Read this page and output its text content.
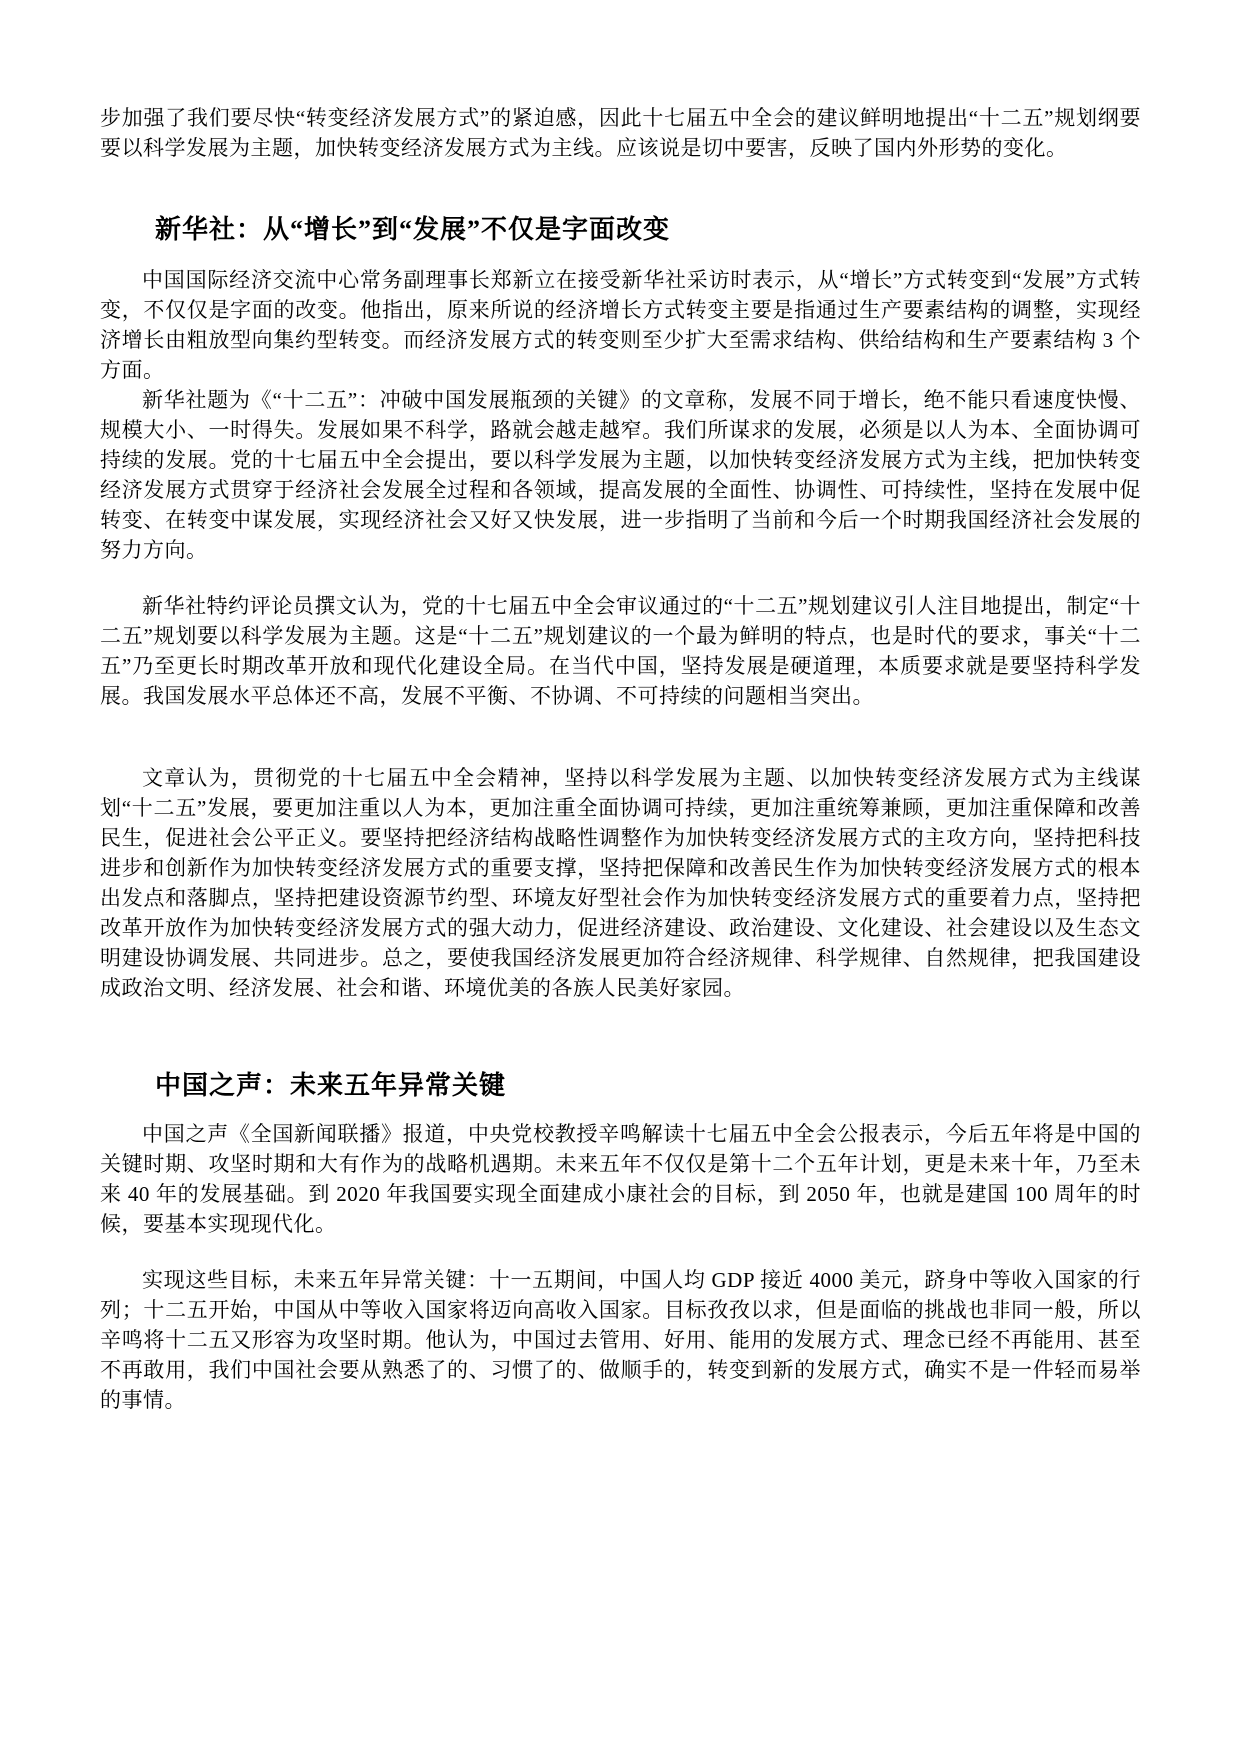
步加强了我们要尽快“转变经济发展方式”的紧迫感，因此十七届五中全会的建议鲜明地提出“十二五”规划纲要要以科学发展为主题，加快转变经济发展方式为主线。应该说是切中要害，反映了国内外形势的变化。

新华社：从“增长”到“发展”不仅是字面改变

中国国际经济交流中心常务副理事长郑新立在接受新华社采访时表示，从“增长”方式转变到“发展”方式转变，不仅仅是字面的改变。他指出，原来所说的经济增长方式转变主要是指通过生产要素结构的调整，实现经济增长由粗放型向集约型转变。而经济发展方式的转变则至少扩大至需求结构、供给结构和生产要素结构 3 个方面。

新华社题为《“十二五”：冲破中国发展瓶颈的关键》的文章称，发展不同于增长，绝不能只看速度快慢、规模大小、一时得失。发展如果不科学，路就会越走越窄。我们所谋求的发展，必须是以人为本、全面协调可持续的发展。党的十七届五中全会提出，要以科学发展为主题，以加快转变经济发展方式为主线，把加快转变经济发展方式贯穿于经济社会发展全过程和各领域，提高发展的全面性、协调性、可持续性，坚持在发展中促转变、在转变中谋发展，实现经济社会又好又快发展，进一步指明了当前和今后一个时期我国经济社会发展的努力方向。

新华社特约评论员撰文认为，党的十七届五中全会审议通过的“十二五”规划建议引人注目地提出，制定“十二五”规划要以科学发展为主题。这是“十二五”规划建议的一个最为鲜明的特点，也是时代的要求，事关“十二五”乃至更长时期改革开放和现代化建设全局。在当代中国，坚持发展是硬道理，本质要求就是要坚持科学发展。我国发展水平总体还不高，发展不平衡、不协调、不可持续的问题相当突出。

文章认为，贯彻党的十七届五中全会精神，坚持以科学发展为主题、以加快转变经济发展方式为主线谋划“十二五”发展，要更加注重以人为本，更加注重全面协调可持续，更加注重统筹兼顾，更加注重保障和改善民生，促进社会公平正义。要坚持把经济结构战略性调整作为加快转变经济发展方式的主攻方向，坚持把科技进步和创新作为加快转变经济发展方式的重要支撑，坚持把保障和改善民生作为加快转变经济发展方式的根本出发点和落脚点，坚持把建设资源节约型、环境友好型社会作为加快转变经济发展方式的重要着力点，坚持把改革开放作为加快转变经济发展方式的强大动力，促进经济建设、政治建设、文化建设、社会建设以及生态文明建设协调发展、共同进步。总之，要使我国经济发展更加符合经济规律、科学规律、自然规律，把我国建设成政治文明、经济发展、社会和谐、环境优美的各族人民美好家园。

中国之声：未来五年异常关键

中国之声《全国新闻联播》报道，中央党校教授辛鸣解读十七届五中全会公报表示，今后五年将是中国的关键时期、攻坚时期和大有作为的战略机遇期。未来五年不仅仅是第十二个五年计划，更是未来十年，乃至未来 40 年的发展基础。到 2020 年我国要实现全面建成小康社会的目标，到 2050 年，也就是建国 100 周年的时候，要基本实现现代化。

实现这些目标，未来五年异常关键：十一五期间，中国人均 GDP 接近 4000 美元，跻身中等收入国家的行列；十二五开始，中国从中等收入国家将迈向高收入国家。目标孜孜以求，但是面临的挑战也非同一般，所以辛鸣将十二五又形容为攻坚时期。他认为，中国过去管用、好用、能用的发展方式、理念已经不再能用、甚至不再敢用，我们中国社会要从熟悉了的、习惯了的、做顺手的，转变到新的发展方式，确实不是一件轻而易举的事情。
